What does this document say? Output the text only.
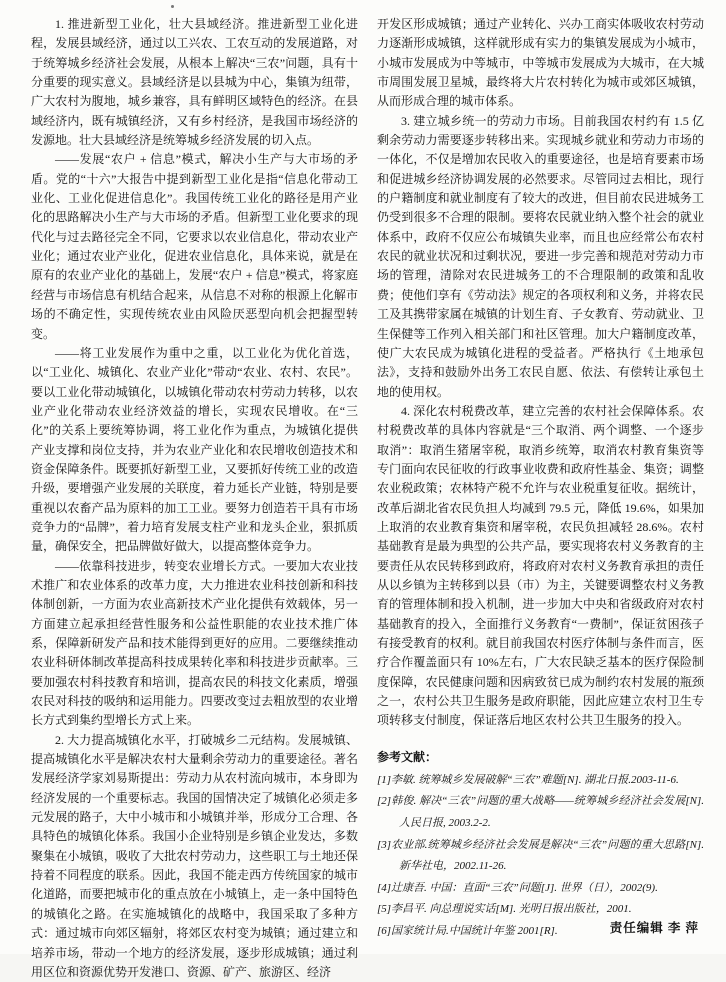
1. 推进新型工业化，壮大县域经济。推进新型工业化进程，发展县域经济，通过以工兴农、工农互动的发展道路，对于统筹城乡经济社会发展，从根本上解决“三农”问题，具有十分重要的现实意义。县域经济是以县城为中心，集镇为纽带，广大农村为腹地，城乡兼容，具有鲜明区域特色的经济。在县域经济内，既有城镇经济，又有乡村经济，是我国市场经济的发源地。壮大县域经济是统筹城乡经济发展的切入点。

——发展“农户 + 信息”模式，解决小生产与大市场的矛盾。党的“十六”大报告中提到新型工业化是指“信息化带动工业化、工业化促进信息化”。我国传统工业化的路径是用产业化的思路解决小生产与大市场的矛盾。但新型工业化要求的现代化与过去路径完全不同，它要求以农业信息化，带动农业产业化；通过农业产业化，促进农业信息化，具体来说，就是在原有的农业产业化的基础上，发展“农户 + 信息”模式，将家庭经营与市场信息有机结合起来，从信息不对称的根源上化解市场的不确定性，实现传统农业由风险厌恶型向机会把握型转变。

——将工业发展作为重中之重，以工业化为优化首选，以“工业化、城镇化、农业产业化”带动“农业、农村、农民”。要以工业化带动城镇化，以城镇化带动农村劳动力转移，以农业产业化带动农业经济效益的增长，实现农民增收。在“三化”的关系上要统筹协调，将工业化作为重点，为城镇化提供产业支撑和岗位支持，并为农业产业化和农民增收创造技术和资金保障条件。既要抓好新型工业，又要抓好传统工业的改造升级，要增强产业发展的关联度，着力延长产业链，特别是要重视以农畜产品为原料的加工工业。要努力创造若干具有市场竞争力的“品牌”，着力培育发展支柱产业和龙头企业，狠抓质量，确保安全，把品牌做好做大，以提高整体竞争力。

——依靠科技进步，转变农业增长方式。一要加大农业技术推广和农业体系的改革力度，大力推进农业科技创新和科技体制创新，一方面为农业高新技术产业化提供有效载体，另一方面建立起承担经营性服务和公益性职能的农业技术推广体系，保障新研发产品和技术能得到更好的应用。二要继续推动农业科研体制改革提高科技成果转化率和科技进步贡献率。三要加强农村科技教育和培训，提高农民的科技文化素质，增强农民对科技的吸纳和运用能力。四要改变过去粗放型的农业增长方式到集约型增长方式上来。

2. 大力提高城镇化水平，打破城乡二元结构。发展城镇、提高城镇化水平是解决农村大量剩余劳动力的重要途径。著名发展经济学家刘易斯提出：劳动力从农村流向城市，本身即为经济发展的一个重要标志。我国的国情决定了城镇化必须走多元发展的路子，大中小城市和小城镇并举，形成分工合理、各具特色的城镇化体系。我国小企业特别是乡镇企业发达，多数聚集在小城镇，吸收了大批农村劳动力，这些职工与土地还保持着不同程度的联系。因此，我国不能走西方传统国家的城市化道路，而要把城市化的重点放在小城镇上，走一条中国特色的城镇化之路。在实施城镇化的战略中，我国采取了多种方式：通过城市向郊区辐射，将郊区农村变为城镇；通过建立和培养市场，带动一个地方的经济发展，逐步形成城镇；通过利用区位和资源优势开发港口、资源、矿产、旅游区、经济

开发区形成城镇；通过产业转化、兴办工商实体吸收农村劳动力逐渐形成城镇，这样就形成有实力的集镇发展成为小城市，小城市发展成为中等城市，中等城市发展成为大城市，在大城市周围发展卫星城，最终将大片农村转化为城市或郊区城镇，从而形成合理的城市体系。

3. 建立城乡统一的劳动力市场。目前我国农村约有 1.5 亿剩余劳动力需要逐步转移出来。实现城乡就业和劳动力市场的一体化，不仅是增加农民收入的重要途径，也是培育要素市场和促进城乡经济协调发展的必然要求。尽管同过去相比，现行的户籍制度和就业制度有了较大的改进，但目前农民进城务工仍受到很多不合理的限制。要将农民就业纳入整个社会的就业体系中，政府不仅应公布城镇失业率，而且也应经常公布农村农民的就业状况和过剩状况，要进一步完善和规范对劳动力市场的管理，清除对农民进城务工的不合理限制的政策和乱收费；使他们享有《劳动法》规定的各项权利和义务，并将农民工及其携带家属在城镇的计划生育、子女教育、劳动就业、卫生保健等工作列入相关部门和社区管理。加大户籍制度改革，使广大农民成为城镇化进程的受益者。严格执行《土地承包法》，支持和鼓励外出务工农民自愿、依法、有偿转让承包土地的使用权。

4. 深化农村税费改革，建立完善的农村社会保障体系。农村税费改革的具体内容就是“三个取消、两个调整、一个逐步取消”：取消生猪屠宰税，取消乡统筹，取消农村教育集资等专门面向农民征收的行政事业收费和政府性基金、集资；调整农业税政策；农林特产税不允许与农业税重复征收。据统计，改革后湖北省农民负担人均减到 79.5 元，降低 19.6%，如果加上取消的农业教育集资和屠宰税，农民负担减轻 28.6%。农村基础教育是最为典型的公共产品，要实现将农村义务教育的主要责任从农民转移到政府，将政府对农村义务教育承担的责任从以乡镇为主转移到以县（市）为主，关键要调整农村义务教育的管理体制和投入机制，进一步加大中央和省级政府对农村基础教育的投入，全面推行义务教育“一费制”，保证贫困孩子有接受教育的权利。就目前我国农村医疗体制与条件而言，医疗合作覆盖面只有 10%左右，广大农民缺乏基本的医疗保险制度保障，农民健康问题和因病致贫已成为制约农村发展的瓶颈之一，农村公共卫生服务是政府职能，因此应建立农村卫生专项转移支付制度，保证落后地区农村公共卫生服务的投入。

参考文献：

[1]李敏. 统筹城乡发展破解“三农”难题[N]. 湖北日报.2003-11-6.

[2]韩俊. 解决“三农”问题的重大战略——统筹城乡经济社会发展[N]. 人民日报, 2003.2-2.

[3]农业部.统筹城乡经济社会发展是解决“三农”问题的重大思路[N]. 新华社电，2002.11-26.

[4]辻康吾. 中国：直面“三农”问题[J]. 世界（日），2002(9).

[5]李昌平. 向总理说实话[M]. 光明日报出版社，2001.

[6]国家统计局.中国统计年鉴 2001[R].	责任编辑 李 萍
